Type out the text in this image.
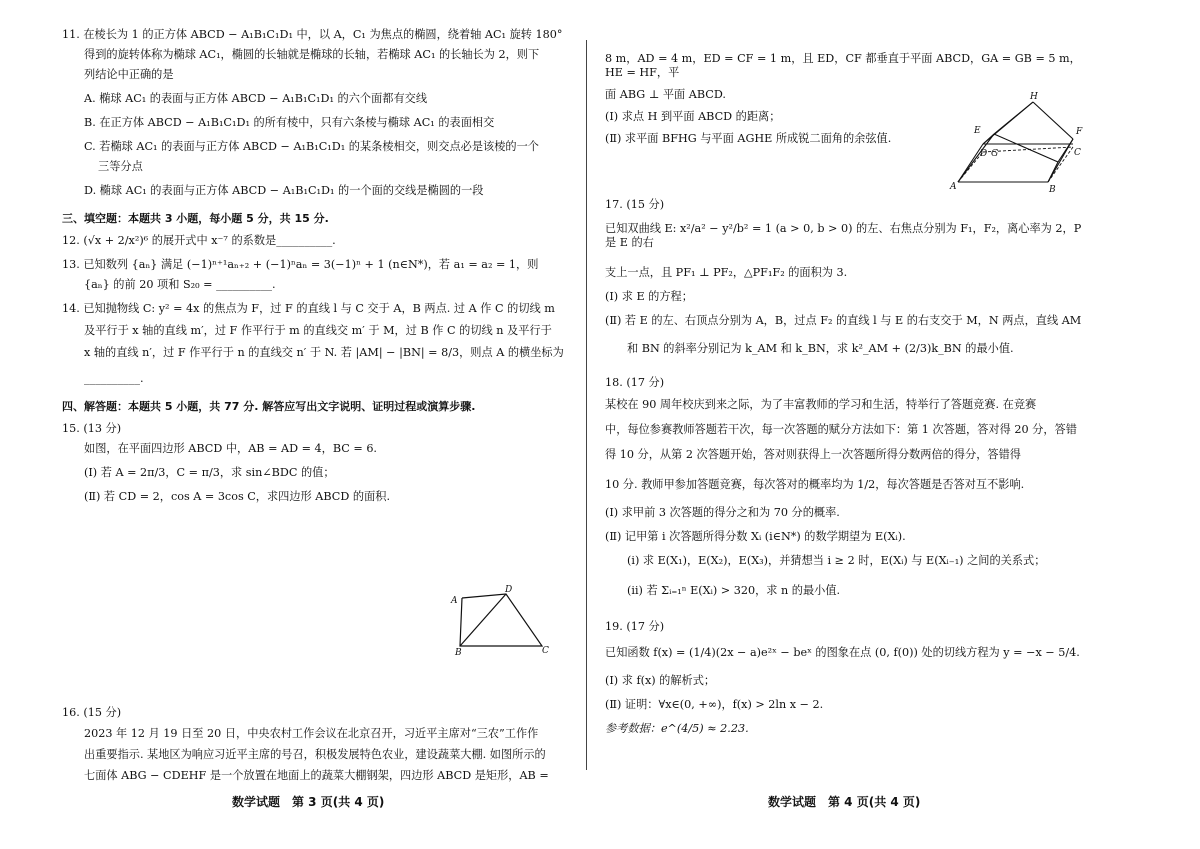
11. 在棱长为 1 的正方体 ABCD − A₁B₁C₁D₁ 中，以 A，C₁ 为焦点的椭圆，绕着轴 AC₁ 旋转 180°

得到的旋转体称为椭球 AC₁，椭圆的长轴就是椭球的长轴，若椭球 AC₁ 的长轴长为 2，则下

列结论中正确的是

A. 椭球 AC₁ 的表面与正方体 ABCD − A₁B₁C₁D₁ 的六个面都有交线

B. 在正方体 ABCD − A₁B₁C₁D₁ 的所有棱中，只有六条棱与椭球 AC₁ 的表面相交

C. 若椭球 AC₁ 的表面与正方体 ABCD − A₁B₁C₁D₁ 的某条棱相交，则交点必是该棱的一个

三等分点

D. 椭球 AC₁ 的表面与正方体 ABCD − A₁B₁C₁D₁ 的一个面的交线是椭圆的一段

三、填空题：本题共 3 小题，每小题 5 分，共 15 分.

12. (√x + 2/x²)⁶ 的展开式中 x⁻⁷ 的系数是__________.

13. 已知数列 {aₙ} 满足 (−1)ⁿ⁺¹aₙ₊₂ + (−1)ⁿaₙ = 3(−1)ⁿ + 1 (n∈N*)，若 a₁ = a₂ = 1，则

{aₙ} 的前 20 项和 S₂₀ = __________.

14. 已知抛物线 C: y² = 4x 的焦点为 F，过 F 的直线 l 与 C 交于 A，B 两点. 过 A 作 C 的切线 m

及平行于 x 轴的直线 m′，过 F 作平行于 m 的直线交 m′ 于 M，过 B 作 C 的切线 n 及平行于

x 轴的直线 n′，过 F 作平行于 n 的直线交 n′ 于 N. 若 |AM| − |BN| = 8/3，则点 A 的横坐标为

__________.

四、解答题：本题共 5 小题，共 77 分. 解答应写出文字说明、证明过程或演算步骤.

15. (13 分)

如图，在平面四边形 ABCD 中，AB = AD = 4，BC = 6.

(Ⅰ) 若 A = 2π/3，C = π/3，求 sin∠BDC 的值；

(Ⅱ) 若 CD = 2，cos A = 3cos C，求四边形 ABCD 的面积.

A
D
B	C

16. (15 分)

2023 年 12 月 19 日至 20 日，中央农村工作会议在北京召开，习近平主席对“三农”工作作

出重要指示. 某地区为响应习近平主席的号召，积极发展特色农业，建设蔬菜大棚. 如图所示的

七面体 ABG − CDEHF 是一个放置在地面上的蔬菜大棚钢架，四边形 ABCD 是矩形，AB =

8 m，AD = 4 m，ED = CF = 1 m，且 ED，CF 都垂直于平面 ABCD，GA = GB = 5 m，HE = HF，平

面 ABG ⊥ 平面 ABCD.

(Ⅰ) 求点 H 到平面 ABCD 的距离；

(Ⅱ) 求平面 BFHG 与平面 AGHE 所成锐二面角的余弦值.

H
E	F
D G	C
A	B

17. (15 分)

已知双曲线 E: x²/a² − y²/b² = 1 (a > 0, b > 0) 的左、右焦点分别为 F₁，F₂，离心率为 2，P 是 E 的右

支上一点，且 PF₁ ⊥ PF₂，△PF₁F₂ 的面积为 3.

(Ⅰ) 求 E 的方程；

(Ⅱ) 若 E 的左、右顶点分别为 A，B，过点 F₂ 的直线 l 与 E 的右支交于 M，N 两点，直线 AM

和 BN 的斜率分别记为 k_AM 和 k_BN，求 k²_AM + (2/3)k_BN 的最小值.

18. (17 分)

某校在 90 周年校庆到来之际，为了丰富教师的学习和生活，特举行了答题竞赛. 在竞赛

中，每位参赛教师答题若干次，每一次答题的赋分方法如下：第 1 次答题，答对得 20 分，答错

得 10 分，从第 2 次答题开始，答对则获得上一次答题所得分数两倍的得分，答错得

10 分. 教师甲参加答题竞赛，每次答对的概率均为 1/2，每次答题是否答对互不影响.

(Ⅰ) 求甲前 3 次答题的得分之和为 70 分的概率.

(Ⅱ) 记甲第 i 次答题所得分数 Xᵢ (i∈N*) 的数学期望为 E(Xᵢ).

(ⅰ) 求 E(X₁)，E(X₂)，E(X₃)，并猜想当 i ≥ 2 时，E(Xᵢ) 与 E(Xᵢ₋₁) 之间的关系式；

(ⅱ) 若 Σᵢ₌₁ⁿ E(Xᵢ) > 320，求 n 的最小值.

19. (17 分)

已知函数 f(x) = (1/4)(2x − a)e²ˣ − beˣ 的图象在点 (0, f(0)) 处的切线方程为 y = −x − 5/4.

(Ⅰ) 求 f(x) 的解析式；

(Ⅱ) 证明：∀x∈(0, +∞)，f(x) > 2ln x − 2.

参考数据：e^(4/5) ≈ 2.23.

数学试题　第 3 页(共 4 页)	数学试题　第 4 页(共 4 页)
